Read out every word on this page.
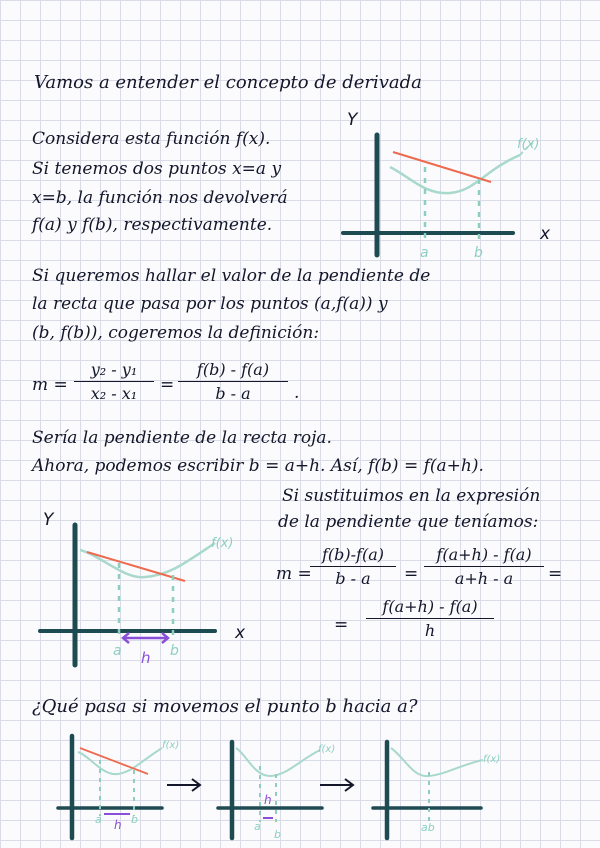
Vamos a entender el concepto de derivada
Considera esta función f(x).
Si tenemos dos puntos x=a y
x=b, la función nos devolverá
f(a) y f(b), respectivamente.
Y
x
f(x)
a	b
Si queremos hallar el valor de la pendiente de
la recta que pasa por los puntos (a,f(a)) y
(b, f(b)), cogeremos la definición:
m =
y₂ - y₁
x₂ - x₁	=
f(b) - f(a)
b - a	.
Sería la pendiente de la recta roja.
Ahora, podemos escribir b = a+h. Así, f(b) = f(a+h).
Si sustituimos en la expresión
de la pendiente que teníamos:
Y
x
f(x)
a	b
h
m =
f(b)-f(a)
b - a	=
f(a+h) - f(a)
a+h - a	=
=
f(a+h) - f(a)
h
¿Qué pasa si movemos el punto b hacia a?
f(x)
a	b
h
f(x)
a
b
h
f(x)
ab
